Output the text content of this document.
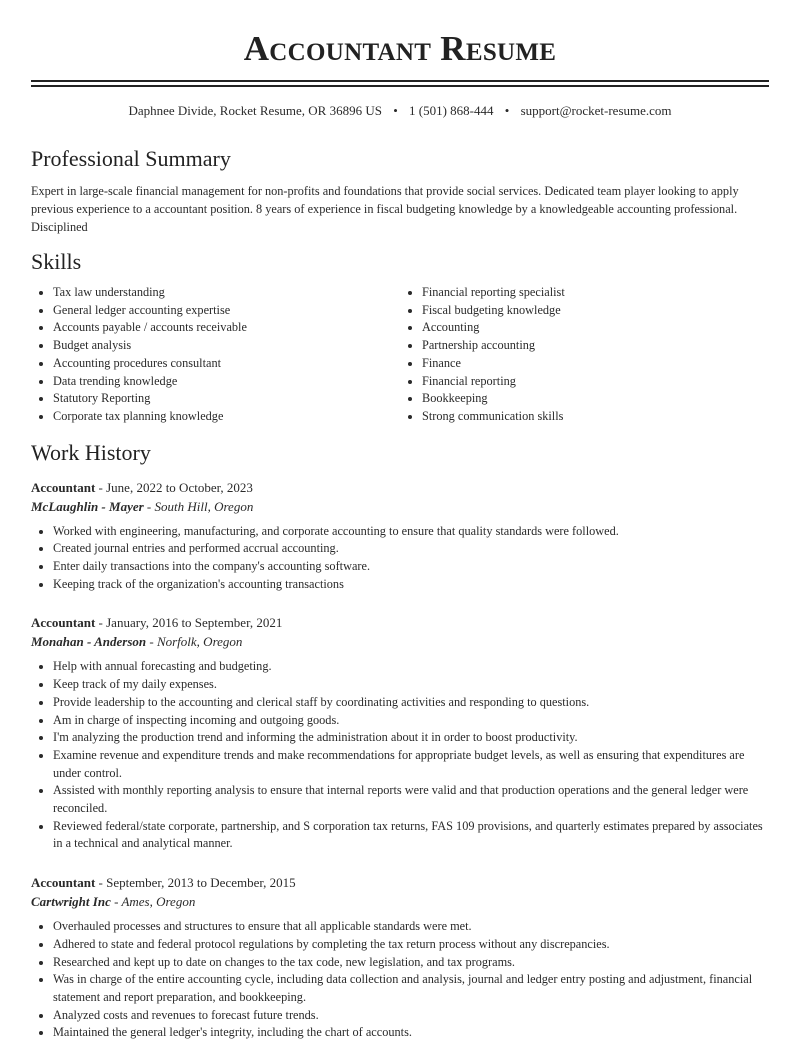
Accountant Resume
Daphnee Divide, Rocket Resume, OR 36896 US • 1 (501) 868-444 • support@rocket-resume.com
Professional Summary
Expert in large-scale financial management for non-profits and foundations that provide social services. Dedicated team player looking to apply previous experience to a accountant position. 8 years of experience in fiscal budgeting knowledge by a knowledgeable accounting professional. Disciplined
Skills
• Tax law understanding
• General ledger accounting expertise
• Accounts payable / accounts receivable
• Budget analysis
• Accounting procedures consultant
• Data trending knowledge
• Statutory Reporting
• Corporate tax planning knowledge
• Financial reporting specialist
• Fiscal budgeting knowledge
• Accounting
• Partnership accounting
• Finance
• Financial reporting
• Bookkeeping
• Strong communication skills
Work History
Accountant - June, 2022 to October, 2023
McLaughlin - Mayer - South Hill, Oregon
• Worked with engineering, manufacturing, and corporate accounting to ensure that quality standards were followed.
• Created journal entries and performed accrual accounting.
• Enter daily transactions into the company's accounting software.
• Keeping track of the organization's accounting transactions
Accountant - January, 2016 to September, 2021
Monahan - Anderson - Norfolk, Oregon
• Help with annual forecasting and budgeting.
• Keep track of my daily expenses.
• Provide leadership to the accounting and clerical staff by coordinating activities and responding to questions.
• Am in charge of inspecting incoming and outgoing goods.
• I'm analyzing the production trend and informing the administration about it in order to boost productivity.
• Examine revenue and expenditure trends and make recommendations for appropriate budget levels, as well as ensuring that expenditures are under control.
• Assisted with monthly reporting analysis to ensure that internal reports were valid and that production operations and the general ledger were reconciled.
• Reviewed federal/state corporate, partnership, and S corporation tax returns, FAS 109 provisions, and quarterly estimates prepared by associates in a technical and analytical manner.
Accountant - September, 2013 to December, 2015
Cartwright Inc - Ames, Oregon
• Overhauled processes and structures to ensure that all applicable standards were met.
• Adhered to state and federal protocol regulations by completing the tax return process without any discrepancies.
• Researched and kept up to date on changes to the tax code, new legislation, and tax programs.
• Was in charge of the entire accounting cycle, including data collection and analysis, journal and ledger entry posting and adjustment, financial statement and report preparation, and bookkeeping.
• Analyzed costs and revenues to forecast future trends.
• Maintained the general ledger's integrity, including the chart of accounts.
